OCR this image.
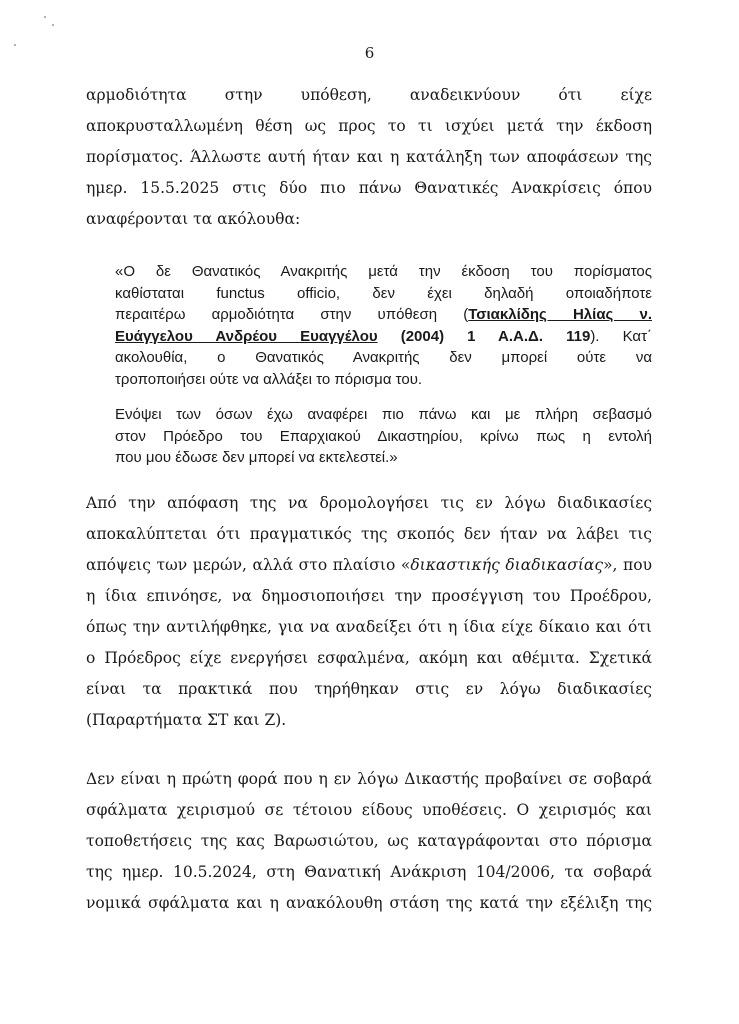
6
αρμοδιότητα στην υπόθεση, αναδεικνύουν ότι είχε
αποκρυσταλλωμένη θέση ως προς το τι ισχύει μετά την έκδοση
πορίσματος. Άλλωστε αυτή ήταν και η κατάληξη των αποφάσεων της
ημερ. 15.5.2025 στις δύο πιο πάνω Θανατικές Ανακρίσεις όπου
αναφέρονται τα ακόλουθα:
«Ο δε Θανατικός Ανακριτής μετά την έκδοση του πορίσματος
καθίσταται functus officio, δεν έχει δηλαδή οποιαδήποτε
περαιτέρω αρμοδιότητα στην υπόθεση (Τσιακλίδης Ηλίας ν.
Ευάγγελου Ανδρέου Ευαγγέλου (2004) 1 Α.Α.Δ. 119). Κατ΄
ακολουθία, ο Θανατικός Ανακριτής δεν μπορεί ούτε να
τροποποιήσει ούτε να αλλάξει το πόρισμα του.
Ενόψει των όσων έχω αναφέρει πιο πάνω και με πλήρη σεβασμό
στον Πρόεδρο του Επαρχιακού Δικαστηρίου, κρίνω πως η εντολή
που μου έδωσε δεν μπορεί να εκτελεστεί.»
Από την απόφαση της να δρομολογήσει τις εν λόγω διαδικασίες
αποκαλύπτεται ότι πραγματικός της σκοπός δεν ήταν να λάβει τις
απόψεις των μερών, αλλά στο πλαίσιο «δικαστικής διαδικασίας», που
η ίδια επινόησε, να δημοσιοποιήσει την προσέγγιση του Προέδρου,
όπως την αντιλήφθηκε, για να αναδείξει ότι η ίδια είχε δίκαιο και ότι
ο Πρόεδρος είχε ενεργήσει εσφαλμένα, ακόμη και αθέμιτα. Σχετικά
είναι τα πρακτικά που τηρήθηκαν στις εν λόγω διαδικασίες
(Παραρτήματα ΣΤ και Ζ).
Δεν είναι η πρώτη φορά που η εν λόγω Δικαστής προβαίνει σε σοβαρά
σφάλματα χειρισμού σε τέτοιου είδους υποθέσεις. Ο χειρισμός και
τοποθετήσεις της κας Βαρωσιώτου, ως καταγράφονται στο πόρισμα
της ημερ. 10.5.2024, στη Θανατική Ανάκριση 104/2006, τα σοβαρά
νομικά σφάλματα και η ανακόλουθη στάση της κατά την εξέλιξη της
